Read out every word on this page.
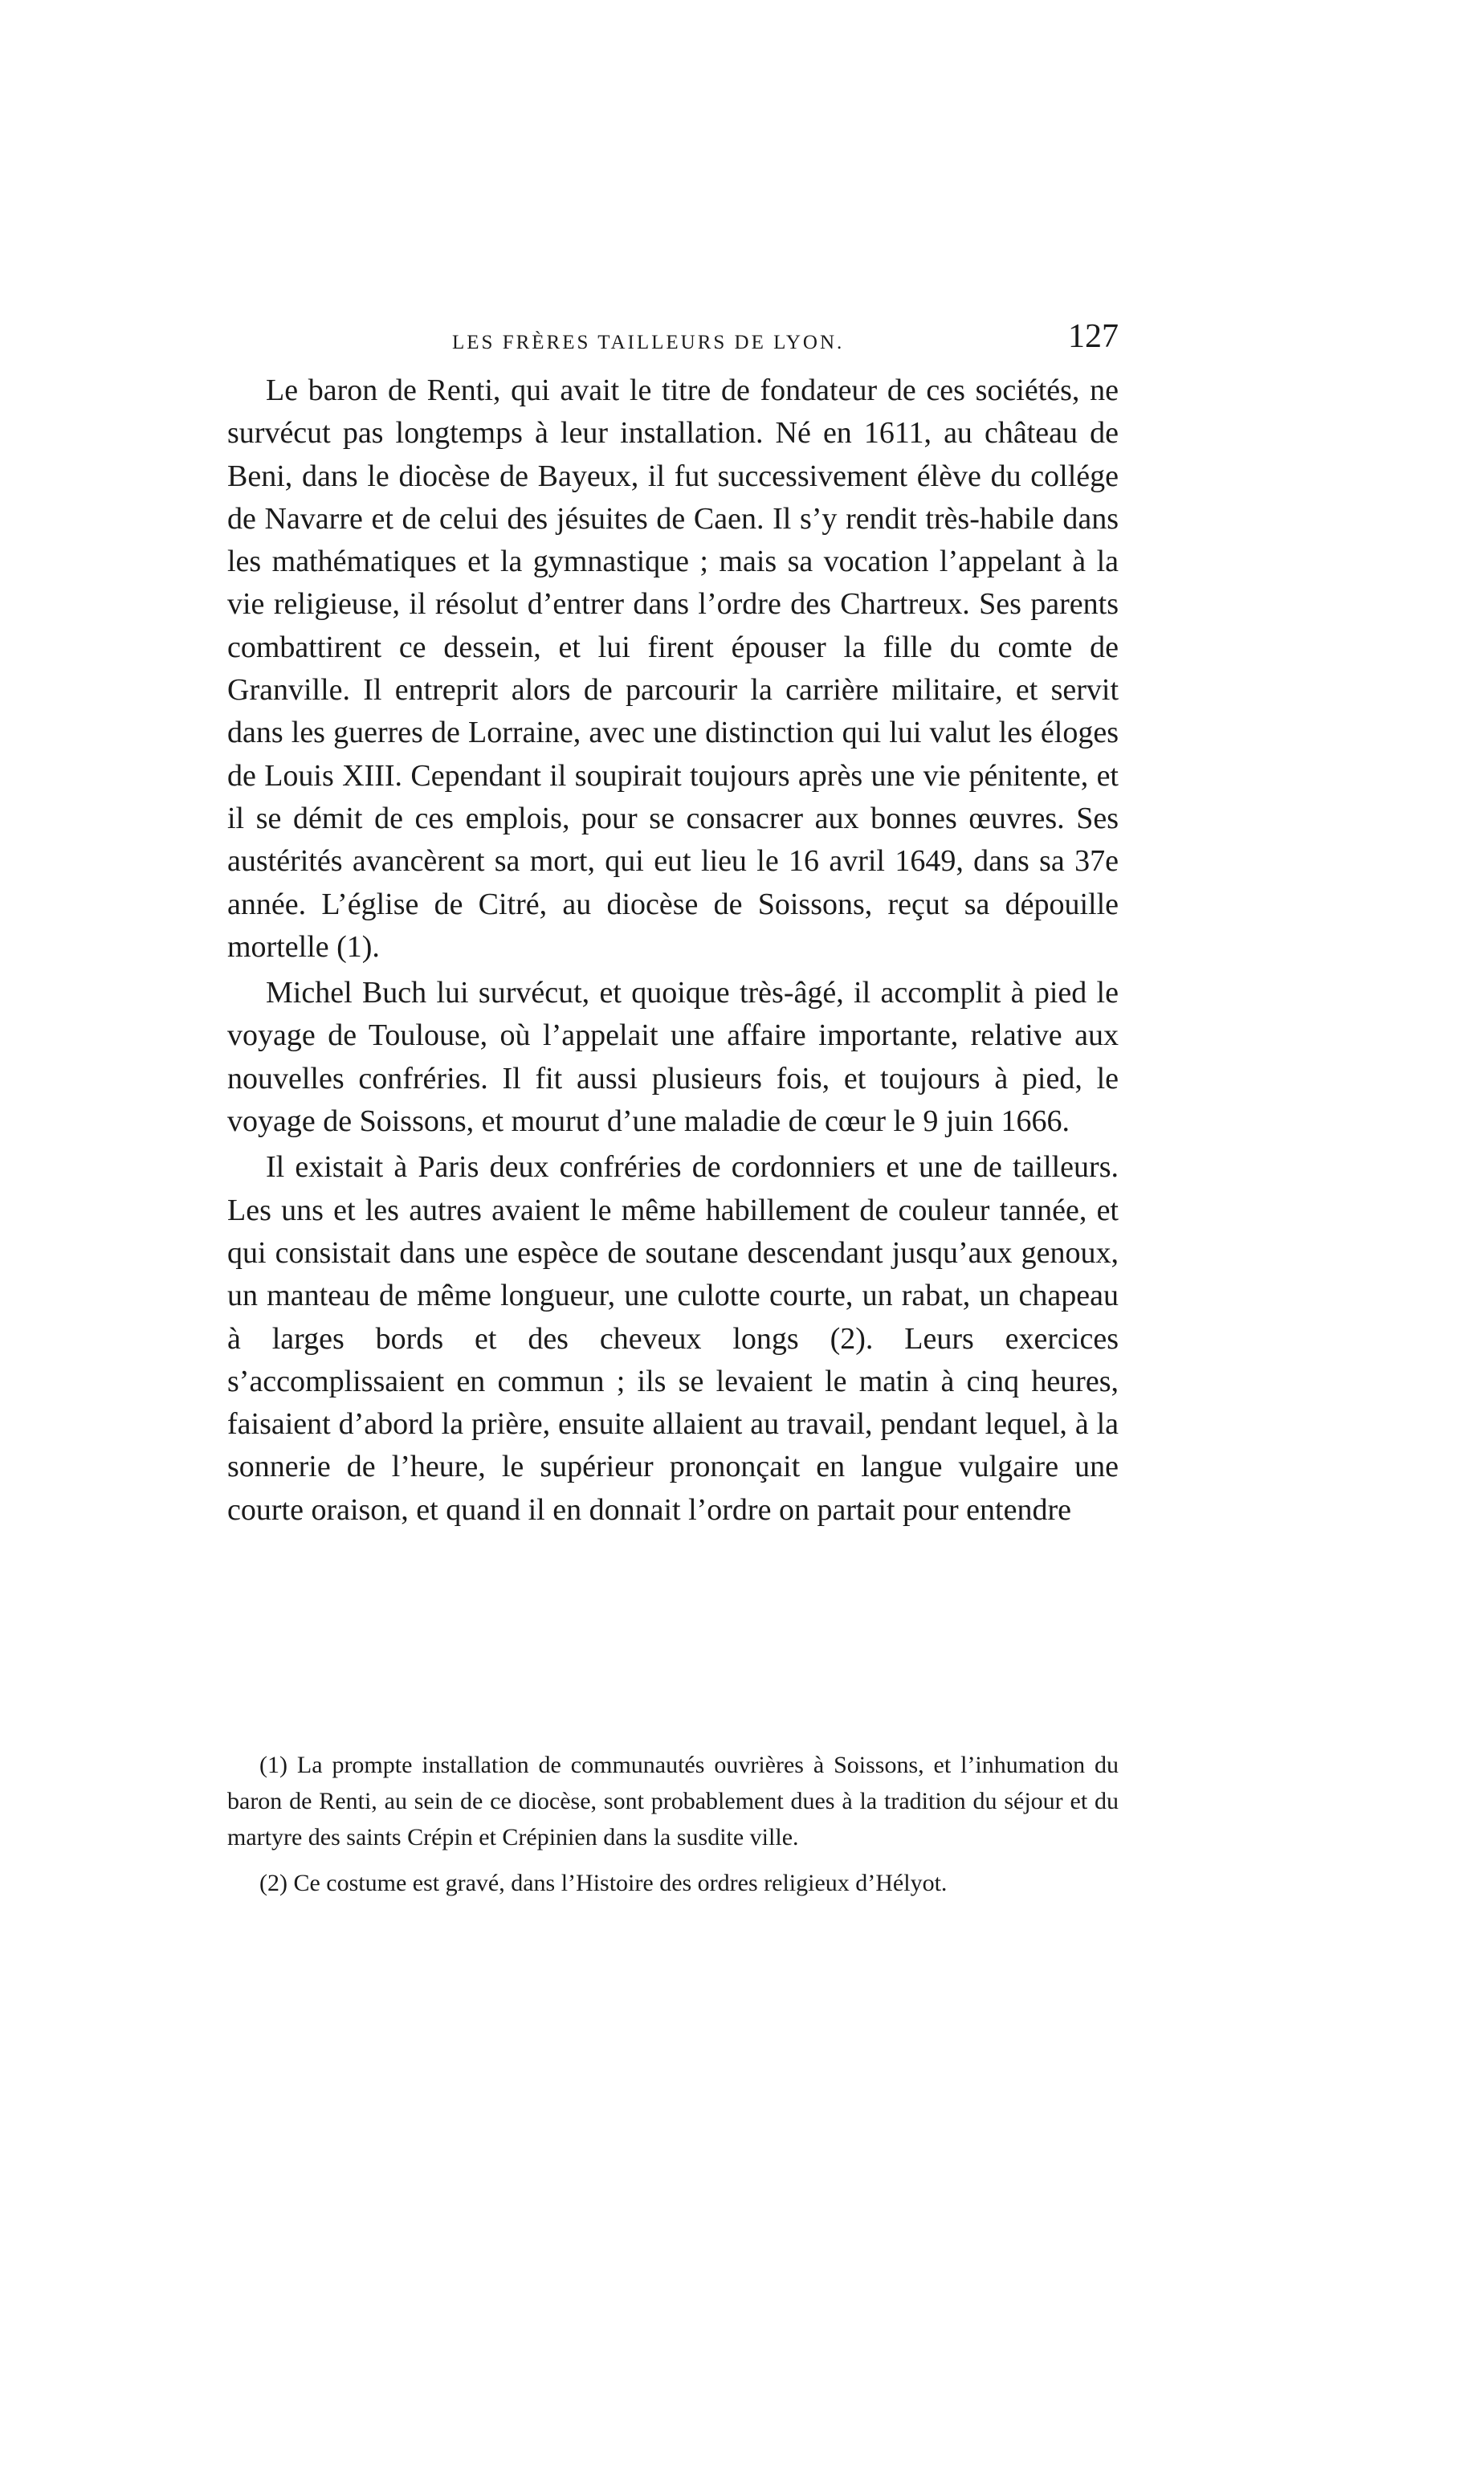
LES FRÈRES TAILLEURS DE LYON.	127

Le baron de Renti, qui avait le titre de fondateur de ces sociétés, ne survécut pas longtemps à leur installation. Né en 1611, au château de Beni, dans le diocèse de Bayeux, il fut successivement élève du collége de Navarre et de celui des jésuites de Caen. Il s’y rendit très-habile dans les mathématiques et la gymnastique ; mais sa vocation l’appelant à la vie religieuse, il résolut d’entrer dans l’ordre des Chartreux. Ses parents combattirent ce dessein, et lui firent épouser la fille du comte de Granville. Il entreprit alors de parcourir la carrière militaire, et servit dans les guerres de Lorraine, avec une distinction qui lui valut les éloges de Louis XIII. Cependant il soupirait toujours après une vie pénitente, et il se démit de ces emplois, pour se consacrer aux bonnes œuvres. Ses austérités avancèrent sa mort, qui eut lieu le 16 avril 1649, dans sa 37e année. L’église de Citré, au diocèse de Soissons, reçut sa dépouille mortelle (1).

Michel Buch lui survécut, et quoique très-âgé, il accomplit à pied le voyage de Toulouse, où l’appelait une affaire importante, relative aux nouvelles confréries. Il fit aussi plusieurs fois, et toujours à pied, le voyage de Soissons, et mourut d’une maladie de cœur le 9 juin 1666.

Il existait à Paris deux confréries de cordonniers et une de tailleurs. Les uns et les autres avaient le même habillement de couleur tannée, et qui consistait dans une espèce de soutane descendant jusqu’aux genoux, un manteau de même longueur, une culotte courte, un rabat, un chapeau à larges bords et des cheveux longs (2). Leurs exercices s’accomplissaient en commun ; ils se levaient le matin à cinq heures, faisaient d’abord la prière, ensuite allaient au travail, pendant lequel, à la sonnerie de l’heure, le supérieur prononçait en langue vulgaire une courte oraison, et quand il en donnait l’ordre on partait pour entendre

(1) La prompte installation de communautés ouvrières à Soissons, et l’inhumation du baron de Renti, au sein de ce diocèse, sont probablement dues à la tradition du séjour et du martyre des saints Crépin et Crépinien dans la susdite ville.

(2) Ce costume est gravé, dans l’Histoire des ordres religieux d’Hélyot.
